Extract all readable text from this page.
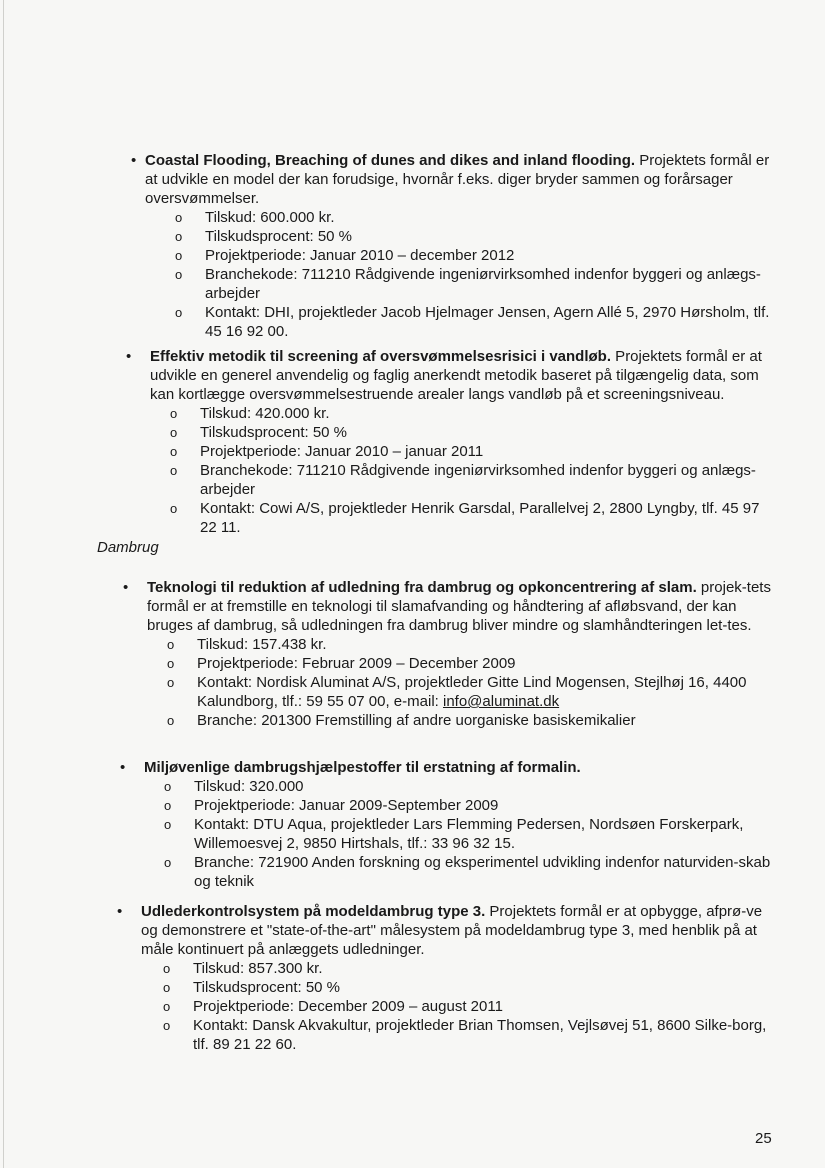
• Coastal Flooding, Breaching of dunes and dikes and inland flooding. Projektets formål er at udvikle en model der kan forudsige, hvornår f.eks. diger bryder sammen og forårsager oversvømmelser.
o Tilskud: 600.000 kr.
o Tilskudsprocent: 50 %
o Projektperiode: Januar 2010 – december 2012
o Branchekode: 711210 Rådgivende ingeniørvirksomhed indenfor byggeri og anlægs-arbejder
o Kontakt: DHI, projektleder Jacob Hjelmager Jensen, Agern Allé 5, 2970 Hørsholm, tlf. 45 16 92 00.
• Effektiv metodik til screening af oversvømmelsesrisici i vandløb. Projektets formål er at udvikle en generel anvendelig og faglig anerkendt metodik baseret på tilgængelig data, som kan kortlægge oversvømmelsestruende arealer langs vandløb på et screeningsniveau.
o Tilskud: 420.000 kr.
o Tilskudsprocent: 50 %
o Projektperiode: Januar 2010 – januar 2011
o Branchekode: 711210 Rådgivende ingeniørvirksomhed indenfor byggeri og anlægs-arbejder
o Kontakt: Cowi A/S, projektleder Henrik Garsdal, Parallelvej 2, 2800 Lyngby, tlf. 45 97 22 11.
Dambrug
• Teknologi til reduktion af udledning fra dambrug og opkoncentrering af slam. projek-tets formål er at fremstille en teknologi til slamafvanding og håndtering af afløbsvand, der kan bruges af dambrug, så udledningen fra dambrug bliver mindre og slamhåndteringen let-tes.
o Tilskud: 157.438 kr.
o Projektperiode: Februar 2009 – December 2009
o Kontakt: Nordisk Aluminat A/S, projektleder Gitte Lind Mogensen, Stejlhøj 16, 4400 Kalundborg, tlf.: 59 55 07 00, e-mail: info@aluminat.dk
o Branche: 201300 Fremstilling af andre uorganiske basiskemikalier
• Miljøvenlige dambrugshjælpestoffer til erstatning af formalin.
o Tilskud: 320.000
o Projektperiode: Januar 2009-September 2009
o Kontakt: DTU Aqua, projektleder Lars Flemming Pedersen, Nordsøen Forskerpark, Willemoesvej 2, 9850 Hirtshals, tlf.: 33 96 32 15.
o Branche: 721900 Anden forskning og eksperimentel udvikling indenfor naturviden-skab og teknik
• Udlederkontrolsystem på modeldambrug type 3. Projektets formål er at opbygge, afprø-ve og demonstrere et "state-of-the-art" målesystem på modeldambrug type 3, med henblik på at måle kontinuert på anlæggets udledninger.
o Tilskud: 857.300 kr.
o Tilskudsprocent: 50 %
o Projektperiode: December 2009 – august 2011
o Kontakt: Dansk Akvakultur, projektleder Brian Thomsen, Vejlsøvej 51, 8600 Silke-borg, tlf. 89 21 22 60.
25
